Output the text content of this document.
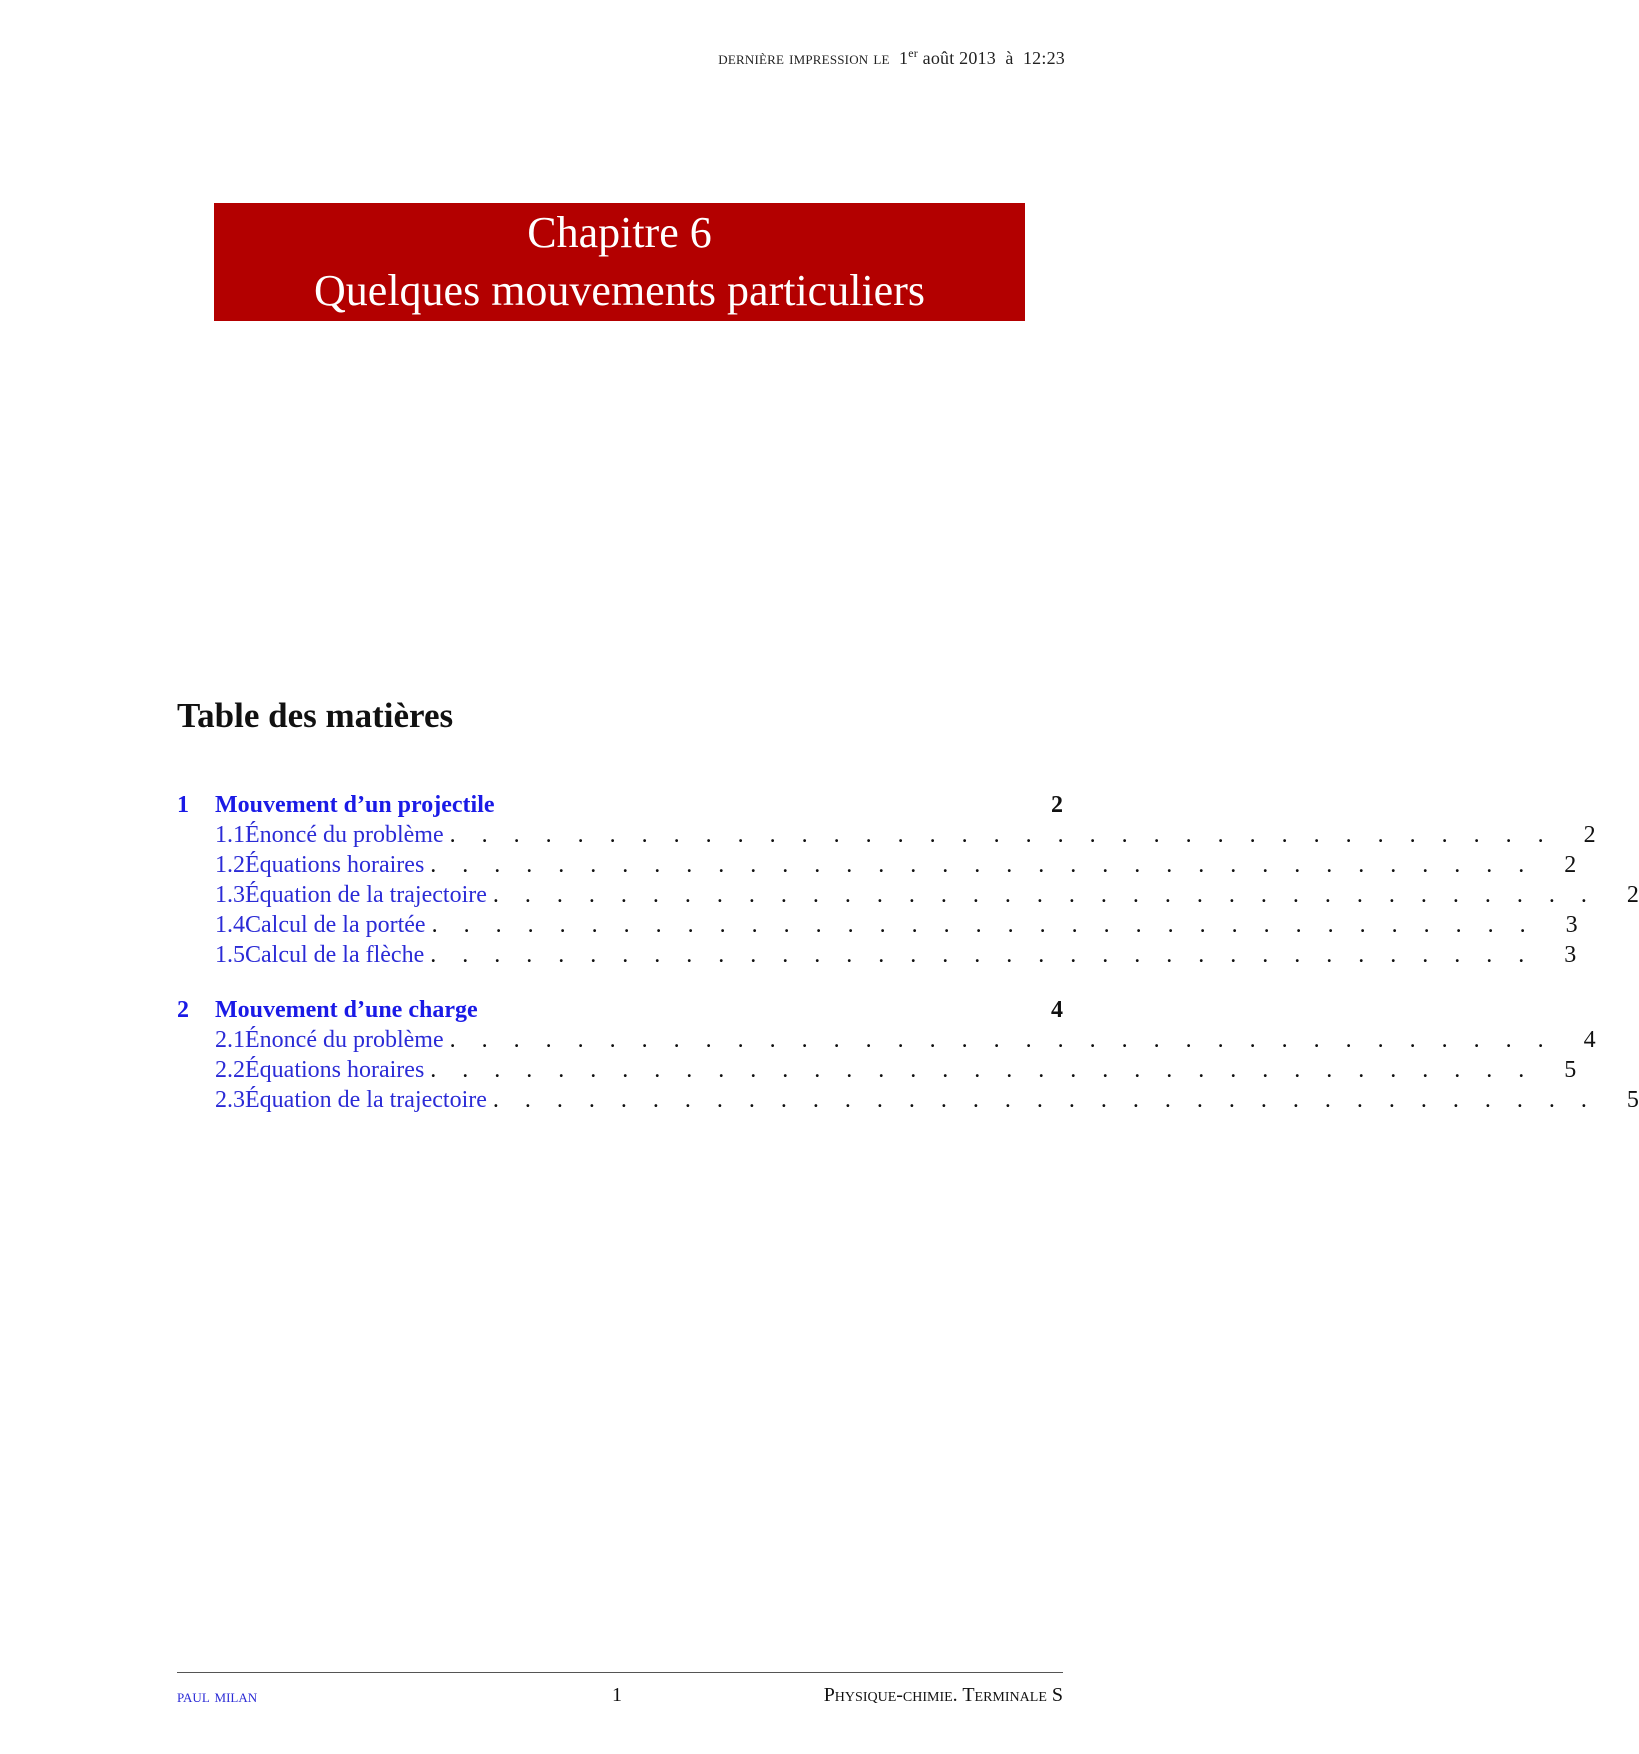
dernière impression le 1er août 2013 à 12:23
Chapitre 6
Quelques mouvements particuliers
Table des matières
1	Mouvement d’un projectile	2
1.1 Énoncé du problème . . . . . . . . . . . . . . . . . . . . . . . . . . . . . . . . . . .	2
1.2 Équations horaires . . . . . . . . . . . . . . . . . . . . . . . . . . . . . . . . . . .	2
1.3 Équation de la trajectoire . . . . . . . . . . . . . . . . . . . . . . . . . . . . . . . . . . .	2
1.4 Calcul de la portée . . . . . . . . . . . . . . . . . . . . . . . . . . . . . . . . . . .	3
1.5 Calcul de la flèche . . . . . . . . . . . . . . . . . . . . . . . . . . . . . . . . . . .	3
2	Mouvement d’une charge	4
2.1 Énoncé du problème . . . . . . . . . . . . . . . . . . . . . . . . . . . . . . . . . . .	4
2.2 Équations horaires . . . . . . . . . . . . . . . . . . . . . . . . . . . . . . . . . . .	5
2.3 Équation de la trajectoire . . . . . . . . . . . . . . . . . . . . . . . . . . . . . . . . . . .	5
paul milan	1	Physique-chimie. Terminale S
